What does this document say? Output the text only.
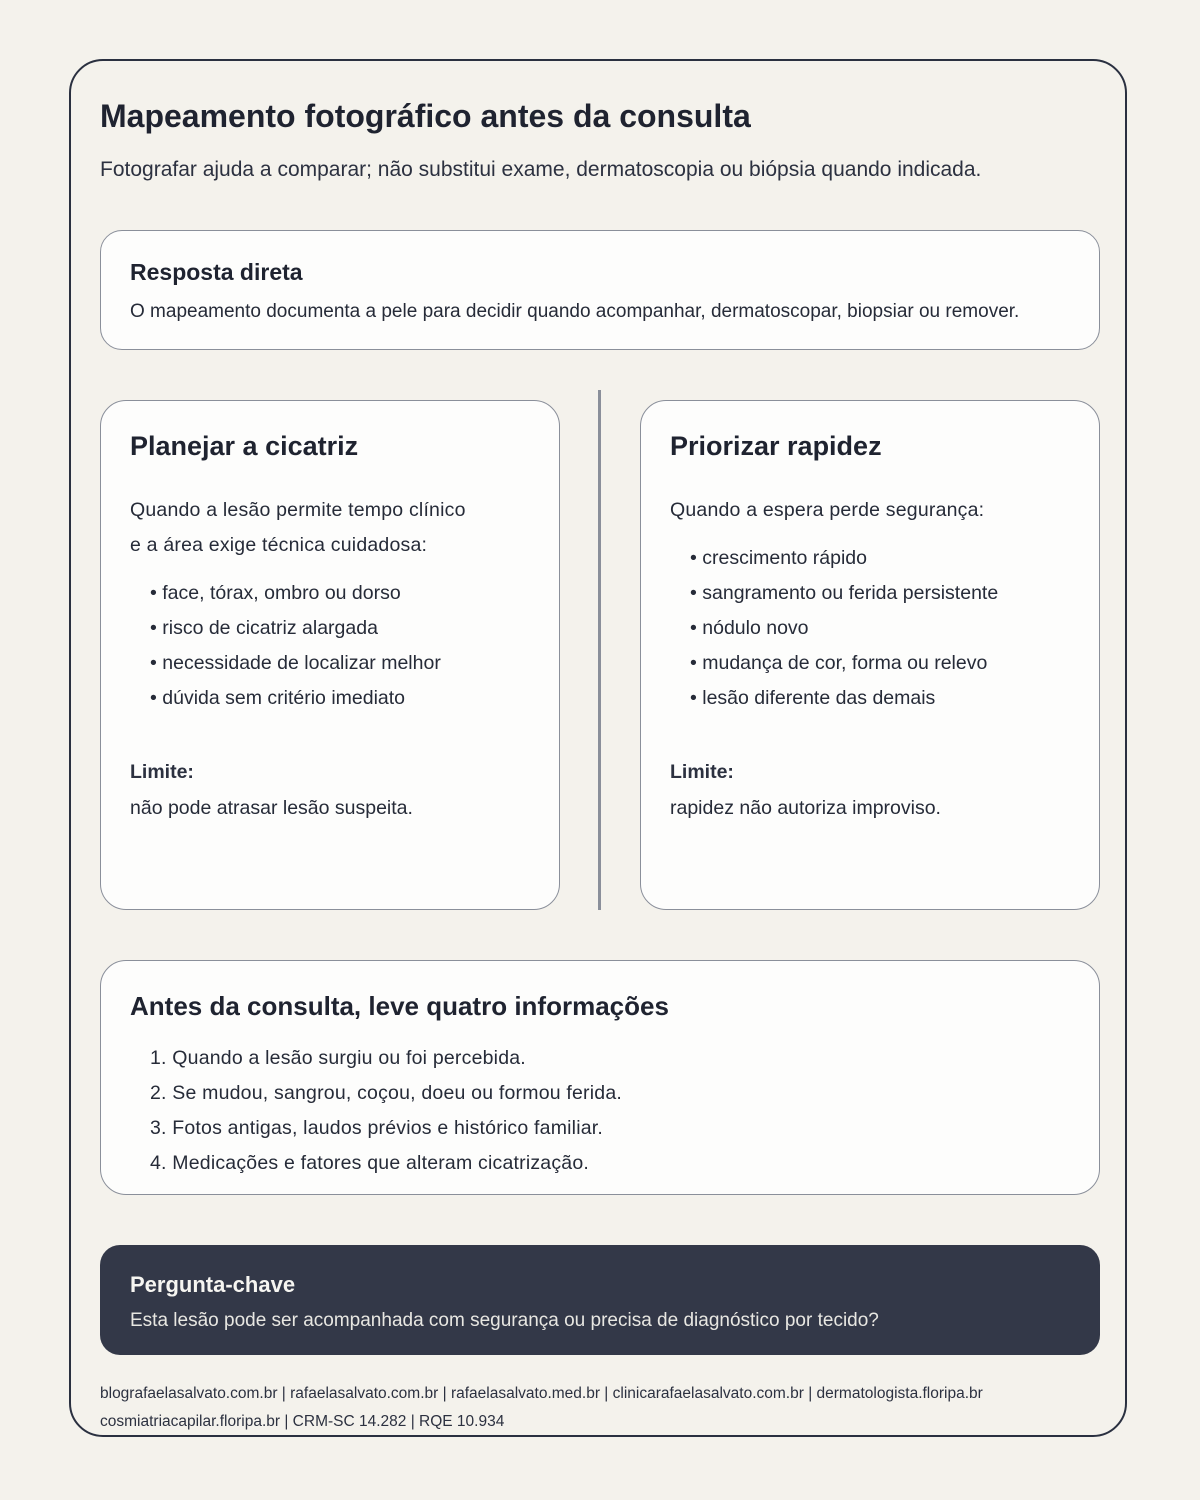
Mapeamento fotográfico antes da consulta

Fotografar ajuda a comparar; não substitui exame, dermatoscopia ou biópsia quando indicada.

Resposta direta
O mapeamento documenta a pele para decidir quando acompanhar, dermatoscopar, biopsiar ou remover.
Planejar a cicatriz
Quando a lesão permite tempo clínico
e a área exige técnica cuidadosa:
• face, tórax, ombro ou dorso
• risco de cicatriz alargada
• necessidade de localizar melhor
• dúvida sem critério imediato
Limite:
não pode atrasar lesão suspeita.
Priorizar rapidez
Quando a espera perde segurança:
• crescimento rápido
• sangramento ou ferida persistente
• nódulo novo
• mudança de cor, forma ou relevo
• lesão diferente das demais
Limite:
rapidez não autoriza improviso.
Antes da consulta, leve quatro informações
1. Quando a lesão surgiu ou foi percebida.
2. Se mudou, sangrou, coçou, doeu ou formou ferida.
3. Fotos antigas, laudos prévios e histórico familiar.
4. Medicações e fatores que alteram cicatrização.
Pergunta-chave
Esta lesão pode ser acompanhada com segurança ou precisa de diagnóstico por tecido?
blografaelasalvato.com.br | rafaelasalvato.com.br | rafaelasalvato.med.br | clinicarafaelasalvato.com.br | dermatologista.floripa.br
cosmiatriacapilar.floripa.br | CRM-SC 14.282 | RQE 10.934
